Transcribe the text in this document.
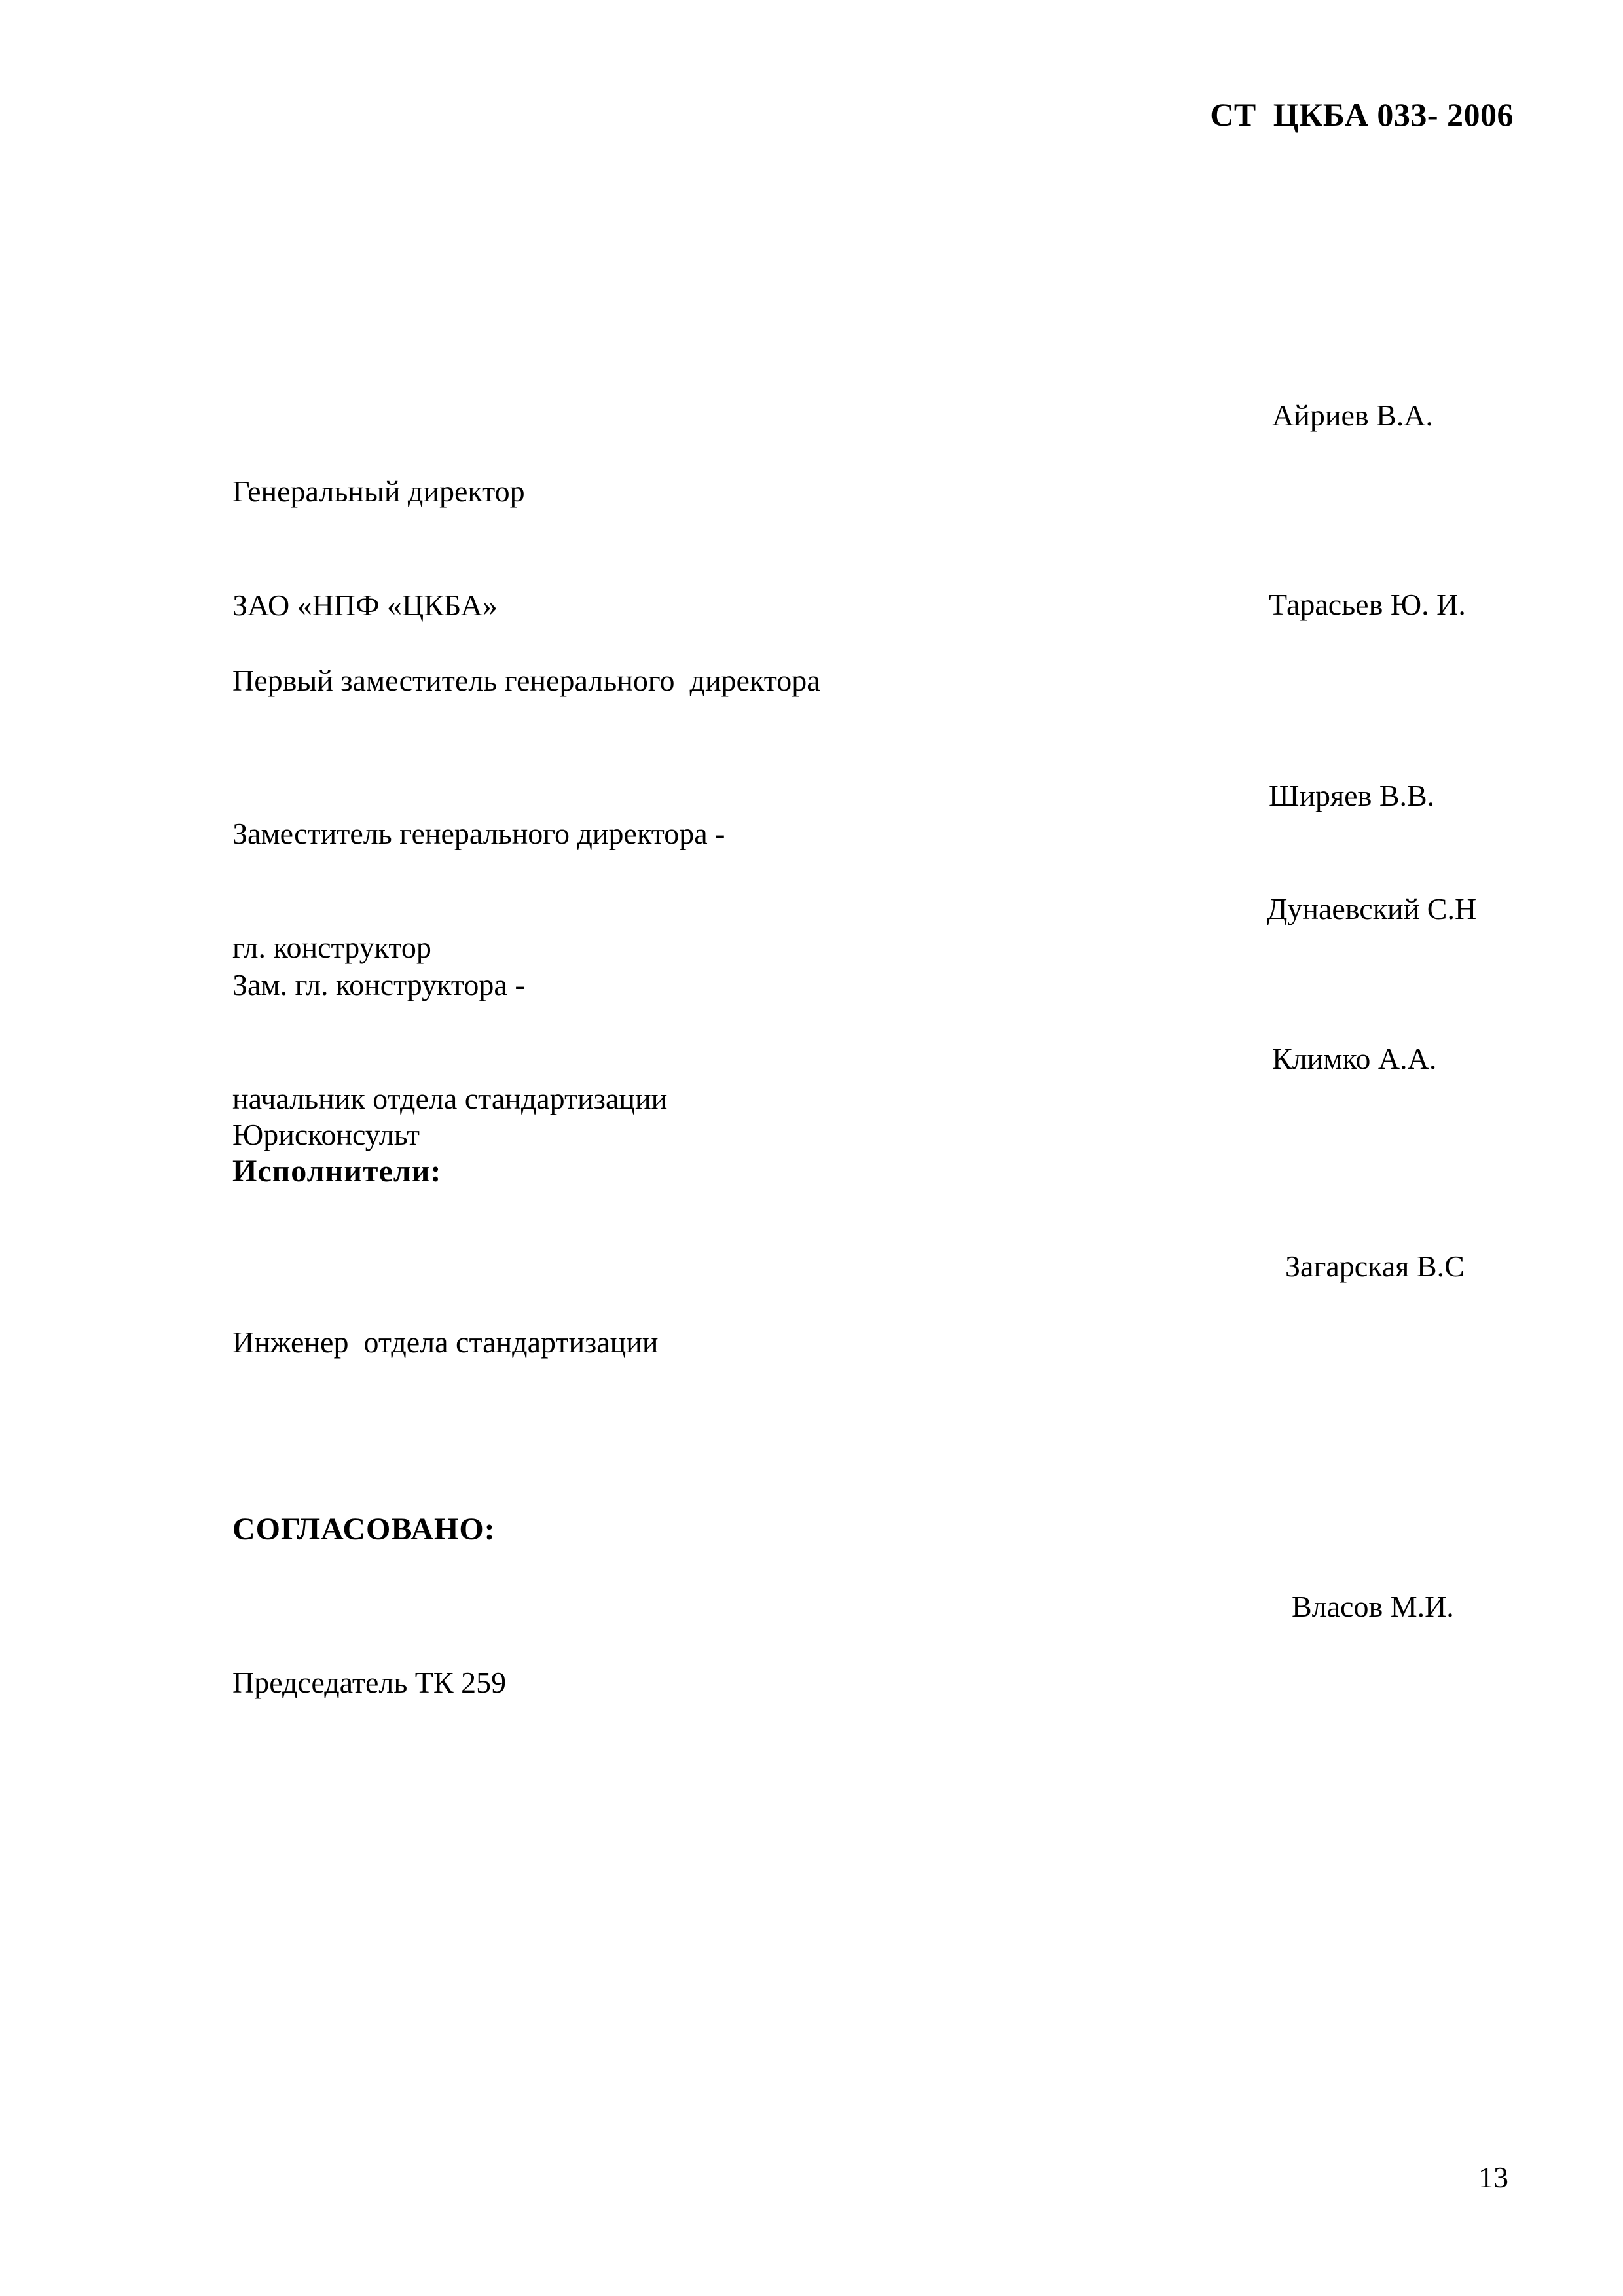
СТ  ЦКБА 033- 2006

Генеральный директор

ЗАО «НПФ «ЦКБА»

Айриев В.А.

Первый заместитель генерального  директора

Тарасьев Ю. И.

Заместитель генерального директора -

гл. конструктор

Ширяев В.В.

Зам. гл. конструктора -

начальник отдела стандартизации

Дунаевский С.Н

Юрисконсульт

Климко А.А.
Исполнители:

Инженер  отдела стандартизации

Загарская В.С
СОГЛАСОВАНО:

Председатель ТК 259

Власов М.И.
13
